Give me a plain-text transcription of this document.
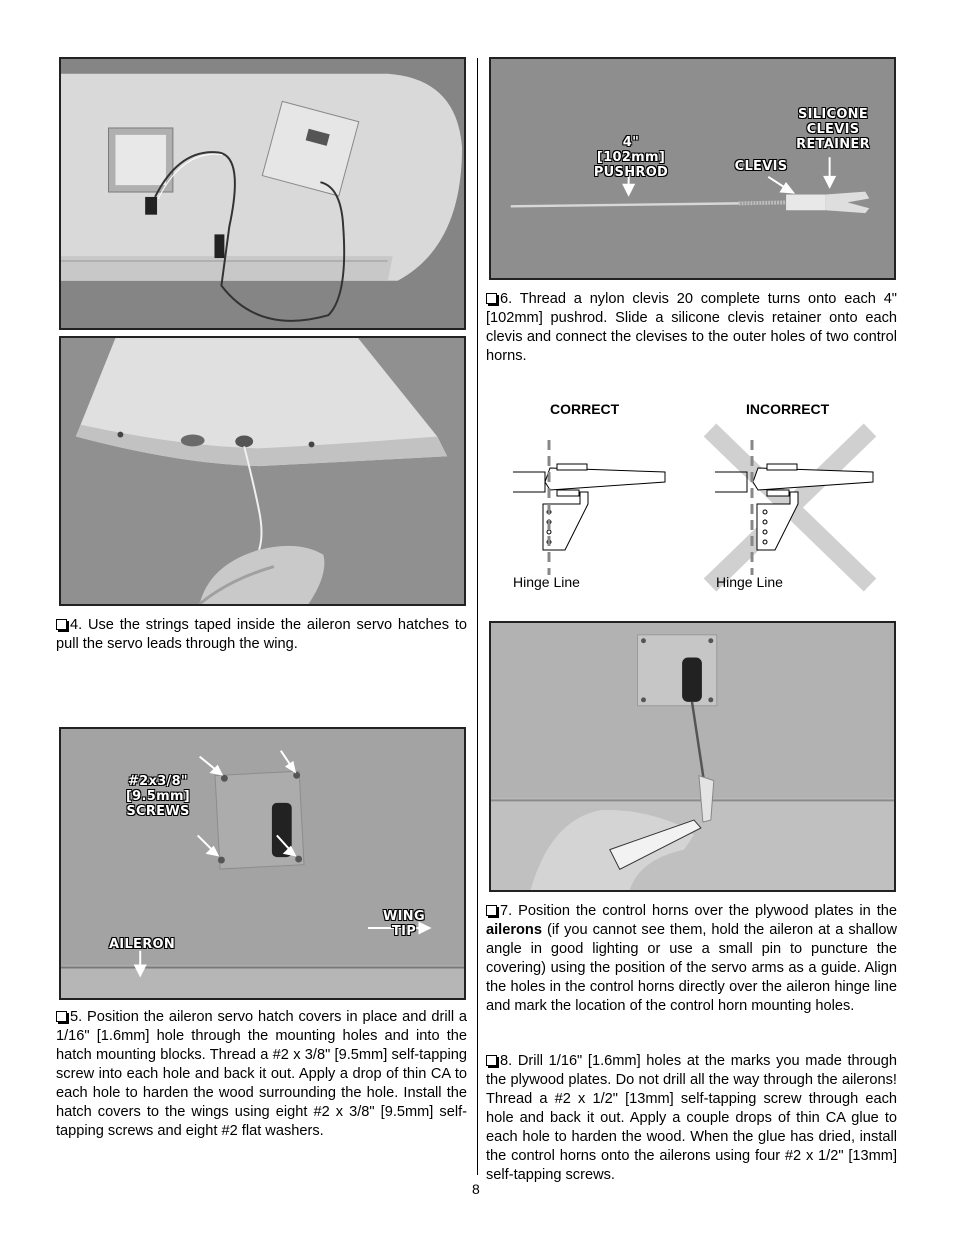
4. Use the strings taped inside the aileron servo hatches to pull the servo leads through the wing.

#2x3/8"
[9.5mm]
SCREWS
WING TIP
AILERON

5. Position the aileron servo hatch covers in place and drill a 1/16" [1.6mm] hole through the mounting holes and into the hatch mounting blocks. Thread a #2 x 3/8" [9.5mm] self-tapping screw into each hole and back it out. Apply a drop of thin CA to each hole to harden the wood surrounding the hole. Install the hatch covers to the wings using eight #2 x 3/8" [9.5mm] self-tapping screws and eight #2 flat washers.

4" [102mm]
PUSHROD	CLEVIS
SILICONE
CLEVIS
RETAINER

6. Thread a nylon clevis 20 complete turns onto each 4" [102mm] pushrod. Slide a silicone clevis retainer onto each clevis and connect the clevises to the outer holes of two control horns.

CORRECT	INCORRECT
Hinge Line	Hinge Line

7. Position the control horns over the plywood plates in the ailerons (if you cannot see them, hold the aileron at a shallow angle in good lighting or use a small pin to puncture the covering) using the position of the servo arms as a guide. Align the holes in the control horns directly over the aileron hinge line and mark the location of the control horn mounting holes.

8. Drill 1/16" [1.6mm] holes at the marks you made through the plywood plates. Do not drill all the way through the ailerons! Thread a #2 x 1/2" [13mm] self-tapping screw through each hole and back it out. Apply a couple drops of thin CA glue to each hole to harden the wood. When the glue has dried, install the control horns onto the ailerons using four #2 x 1/2" [13mm] self-tapping screws.

8
